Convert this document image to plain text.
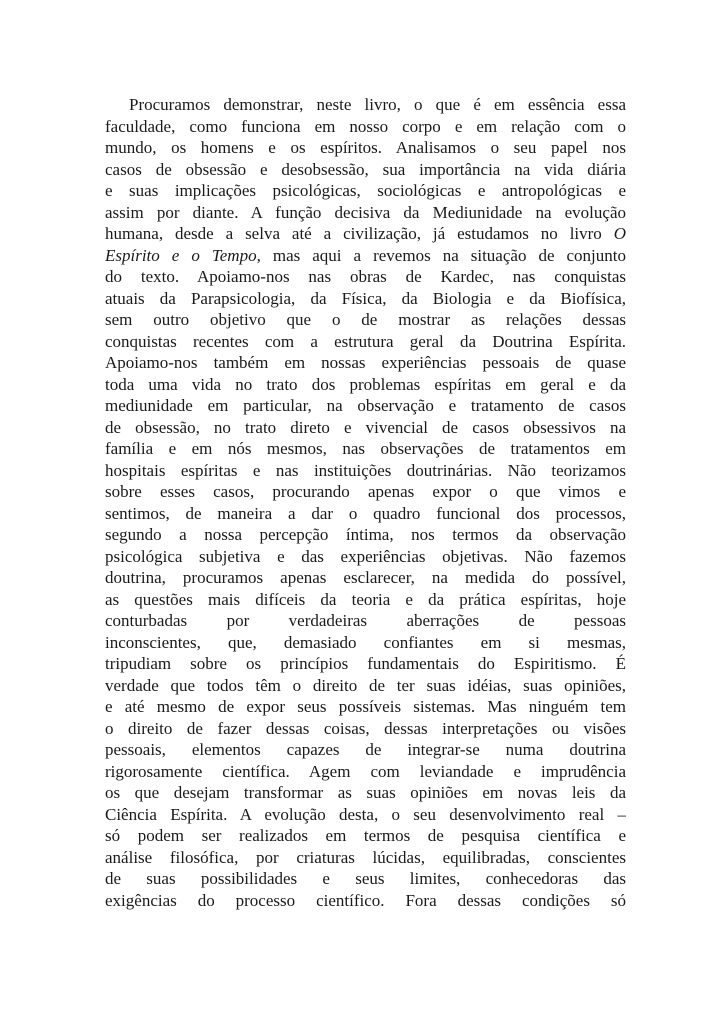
Procuramos demonstrar, neste livro, o que é em essência essa
faculdade, como funciona em nosso corpo e em relação com o
mundo, os homens e os espíritos. Analisamos o seu papel nos
casos de obsessão e desobsessão, sua importância na vida diária
e suas implicações psicológicas, sociológicas e antropológicas e
assim por diante. A função decisiva da Mediunidade na evolução
humana, desde a selva até a civilização, já estudamos no livro O
Espírito e o Tempo, mas aqui a revemos na situação de conjunto
do texto. Apoiamo-nos nas obras de Kardec, nas conquistas
atuais da Parapsicologia, da Física, da Biologia e da Biofísica,
sem outro objetivo que o de mostrar as relações dessas
conquistas recentes com a estrutura geral da Doutrina Espírita.
Apoiamo-nos também em nossas experiências pessoais de quase
toda uma vida no trato dos problemas espíritas em geral e da
mediunidade em particular, na observação e tratamento de casos
de obsessão, no trato direto e vivencial de casos obsessivos na
família e em nós mesmos, nas observações de tratamentos em
hospitais espíritas e nas instituições doutrinárias. Não teorizamos
sobre esses casos, procurando apenas expor o que vimos e
sentimos, de maneira a dar o quadro funcional dos processos,
segundo a nossa percepção íntima, nos termos da observação
psicológica subjetiva e das experiências objetivas. Não fazemos
doutrina, procuramos apenas esclarecer, na medida do possível,
as questões mais difíceis da teoria e da prática espíritas, hoje
conturbadas por verdadeiras aberrações de pessoas
inconscientes, que, demasiado confiantes em si mesmas,
tripudiam sobre os princípios fundamentais do Espiritismo. É
verdade que todos têm o direito de ter suas idéias, suas opiniões,
e até mesmo de expor seus possíveis sistemas. Mas ninguém tem
o direito de fazer dessas coisas, dessas interpretações ou visões
pessoais, elementos capazes de integrar-se numa doutrina
rigorosamente científica. Agem com leviandade e imprudência
os que desejam transformar as suas opiniões em novas leis da
Ciência Espírita. A evolução desta, o seu desenvolvimento real –
só podem ser realizados em termos de pesquisa científica e
análise filosófica, por criaturas lúcidas, equilibradas, conscientes
de suas possibilidades e seus limites, conhecedoras das
exigências do processo científico. Fora dessas condições só
